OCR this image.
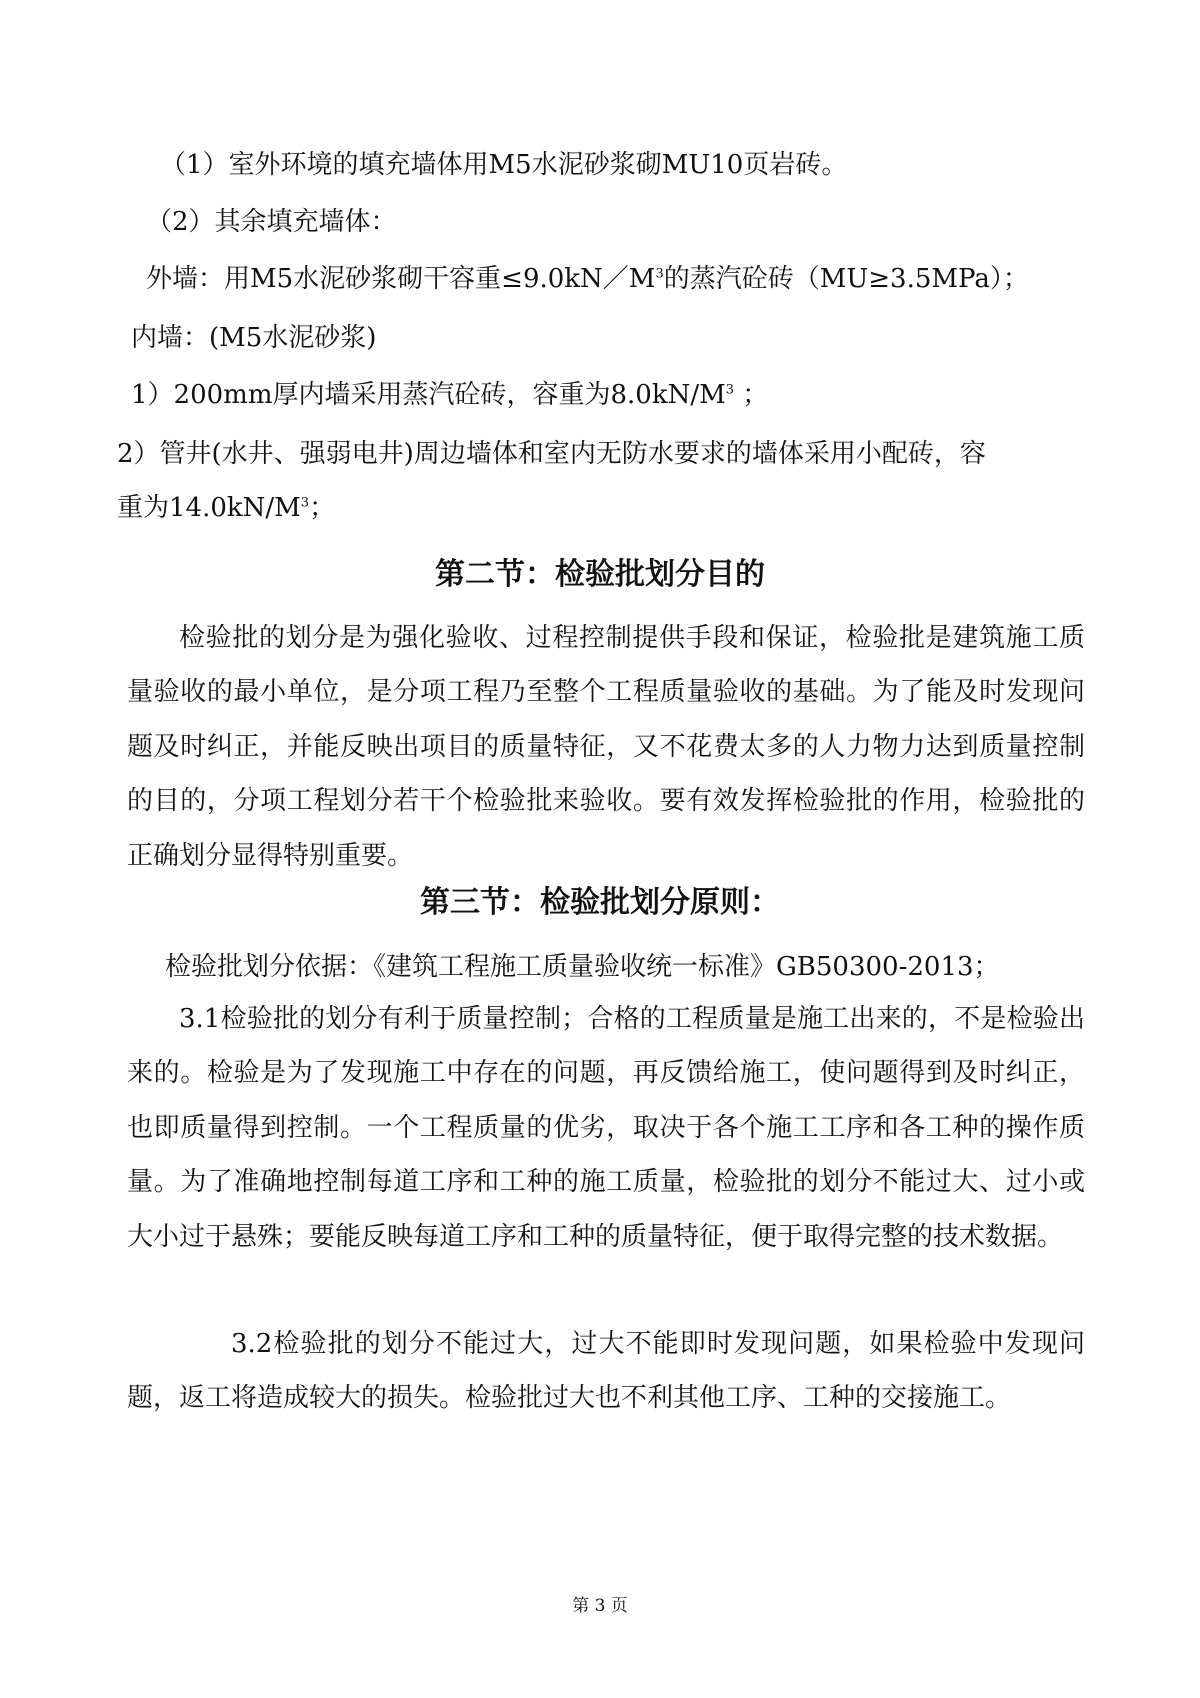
（1）室外环境的填充墙体用M5水泥砂浆砌MU10页岩砖。
（2）其余填充墙体：
外墙：用M5水泥砂浆砌干容重$\le 9.0kN/M^3$的蒸汽砼砖（MU≥3.5MPa）；
内墙：(M5水泥砂浆)
1）200mm厚内墙采用蒸汽砼砖，容重为$8.0kN/M^3$ ；
2）管井(水井、强弱电井)周边墙体和室内无防水要求的墙体采用小配砖，容
重为$14.0kN/M^3$；
第二节：检验批划分目的
检验批的划分是为强化验收、过程控制提供手段和保证，检验批是建筑施工质量验收的最小单位，是分项工程乃至整个工程质量验收的基础。为了能及时发现问题及时纠正，并能反映出项目的质量特征，又不花费太多的人力物力达到质量控制的目的，分项工程划分若干个检验批来验收。要有效发挥检验批的作用，检验批的正确划分显得特别重要。
第三节：检验批划分原则：
检验批划分依据：《建筑工程施工质量验收统一标准》GB50300-2013；
3.1检验批的划分有利于质量控制；合格的工程质量是施工出来的，不是检验出来的。检验是为了发现施工中存在的问题，再反馈给施工，使问题得到及时纠正，也即质量得到控制。一个工程质量的优劣，取决于各个施工工序和各工种的操作质量。为了准确地控制每道工序和工种的施工质量，检验批的划分不能过大、过小或大小过于悬殊；要能反映每道工序和工种的质量特征，便于取得完整的技术数据。
3.2检验批的划分不能过大，过大不能即时发现问题，如果检验中发现问题，返工将造成较大的损失。检验批过大也不利其他工序、工种的交接施工。
第 3 页
